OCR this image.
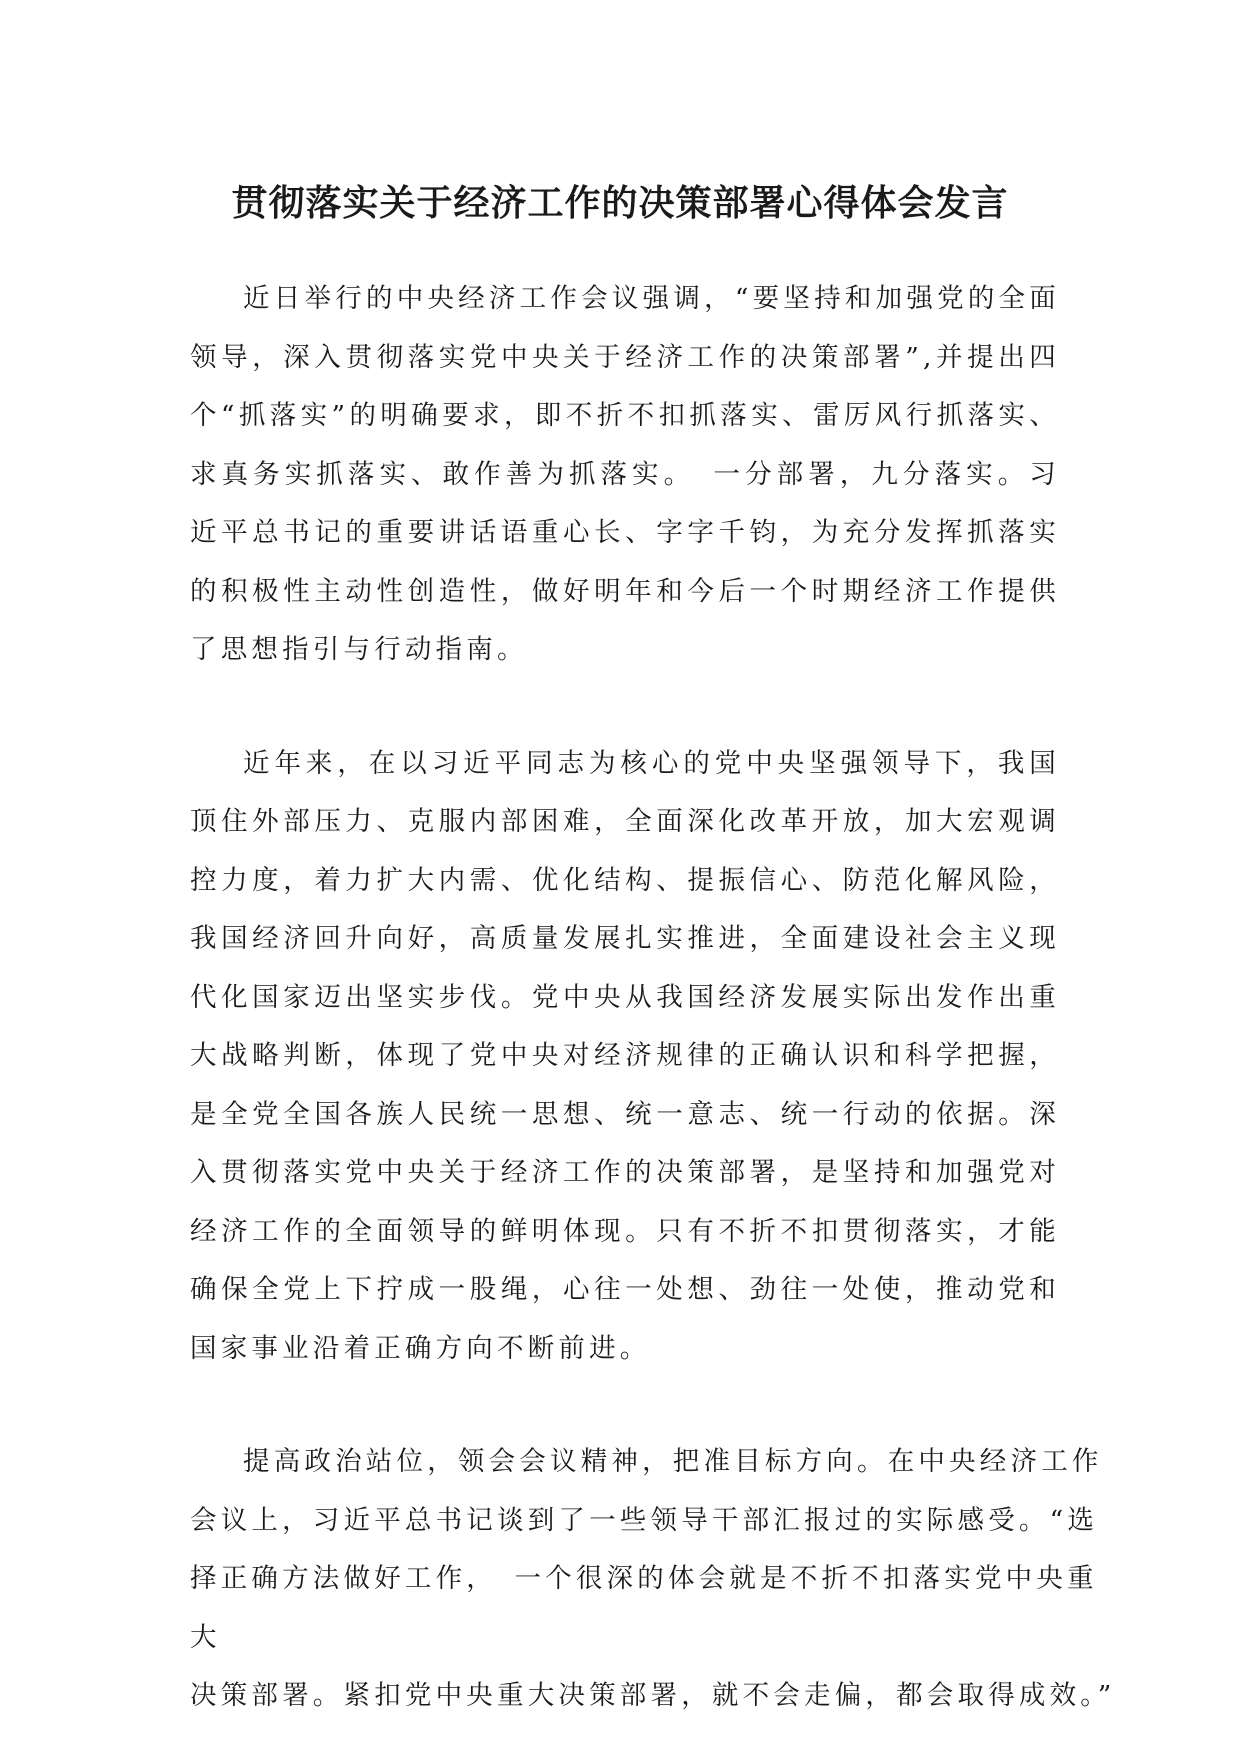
贯彻落实关于经济工作的决策部署心得体会发言

近日举行的中央经济工作会议强调，“要坚持和加强党的全面领导，深入贯彻落实党中央关于经济工作的决策部署”,并提出四个“抓落实”的明确要求，即不折不扣抓落实、雷厉风行抓落实、求真务实抓落实、敢作善为抓落实。　一分部署，九分落实。习近平总书记的重要讲话语重心长、字字千钧，为充分发挥抓落实的积极性主动性创造性，做好明年和今后一个时期经济工作提供了思想指引与行动指南。

近年来，在以习近平同志为核心的党中央坚强领导下，我国顶住外部压力、克服内部困难，全面深化改革开放，加大宏观调控力度，着力扩大内需、优化结构、提振信心、防范化解风险，我国经济回升向好，高质量发展扎实推进，全面建设社会主义现代化国家迈出坚实步伐。党中央从我国经济发展实际出发作出重大战略判断，体现了党中央对经济规律的正确认识和科学把握，是全党全国各族人民统一思想、统一意志、统一行动的依据。深入贯彻落实党中央关于经济工作的决策部署，是坚持和加强党对经济工作的全面领导的鲜明体现。只有不折不扣贯彻落实，才能确保全党上下拧成一股绳，心往一处想、劲往一处使，推动党和国家事业沿着正确方向不断前进。

提高政治站位，领会会议精神，把准目标方向。在中央经济工作
会议上，习近平总书记谈到了一些领导干部汇报过的实际感受。“选
择正确方法做好工作，　一个很深的体会就是不折不扣落实党中央重
大
决策部署。紧扣党中央重大决策部署，就不会走偏，都会取得成效。”
